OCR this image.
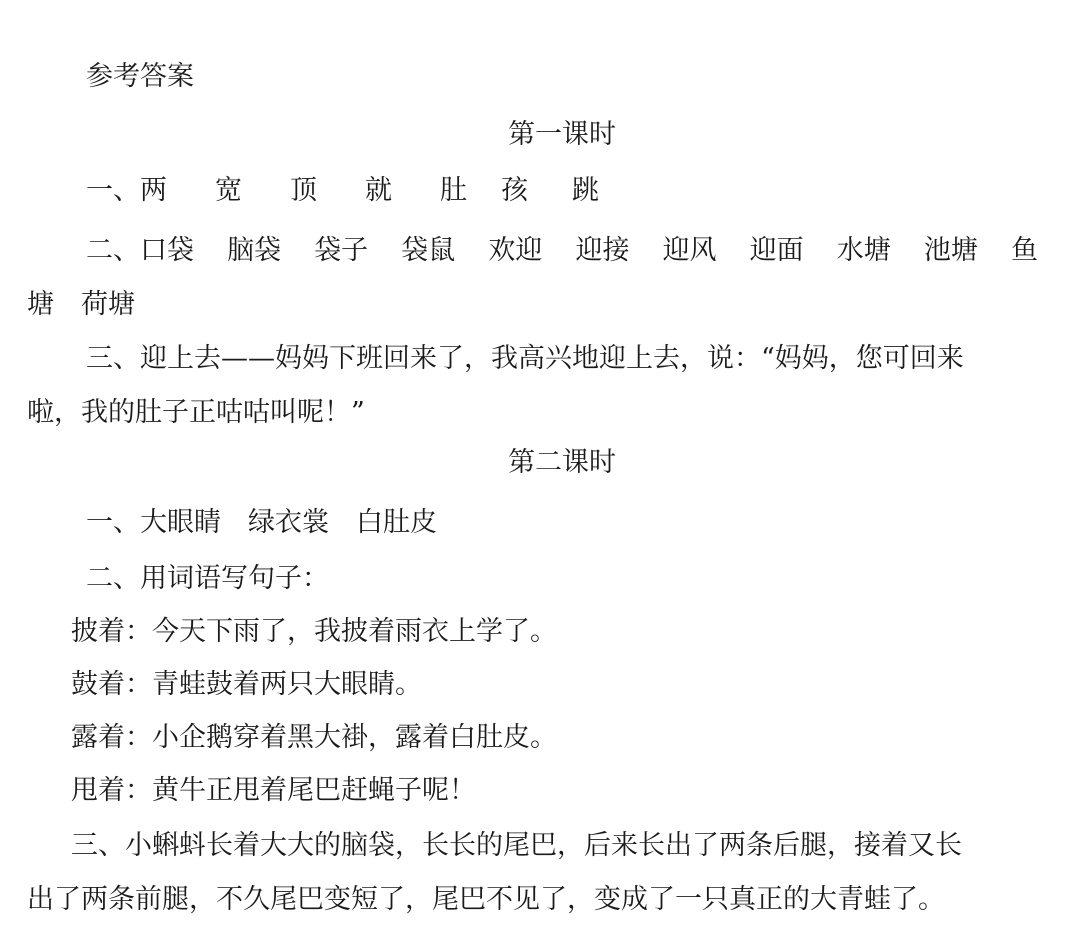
参考答案

第一课时

一、两 宽 顶 就 肚 孩 跳
二、口袋 脑袋 袋子 袋鼠 欢迎 迎接 迎风 迎面 水塘 池塘 鱼

塘　荷塘

三、迎上去——妈妈下班回来了，我高兴地迎上去，说：“妈妈，您可回来

啦，我的肚子正咕咕叫呢！”

第二课时

一、大眼睛　绿衣裳　白肚皮

二、用词语写句子：

披着：今天下雨了，我披着雨衣上学了。

鼓着：青蛙鼓着两只大眼睛。

露着：小企鹅穿着黑大褂，露着白肚皮。

甩着：黄牛正甩着尾巴赶蝇子呢！

三、小蝌蚪长着大大的脑袋，长长的尾巴，后来长出了两条后腿，接着又长

出了两条前腿，不久尾巴变短了，尾巴不见了，变成了一只真正的大青蛙了。
